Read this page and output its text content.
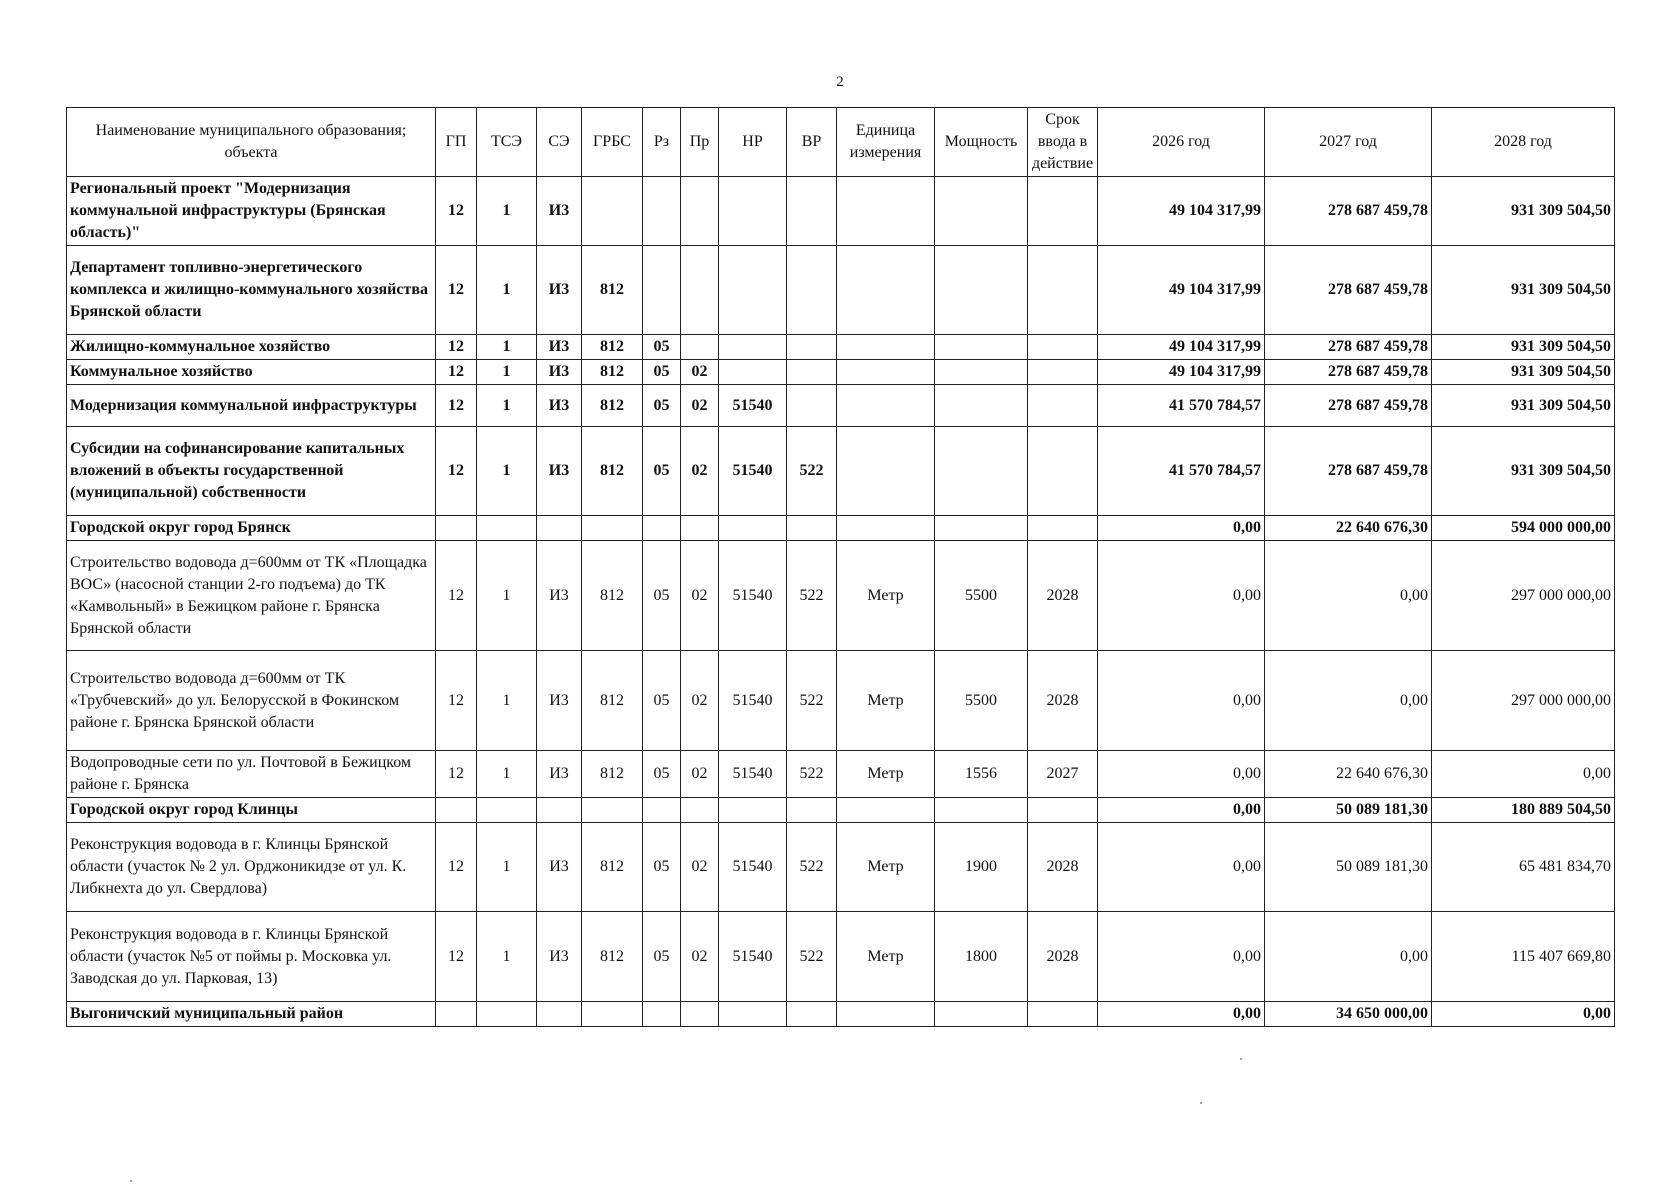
2
Наименование муниципального образования; объекта	ГП	ТСЭ	СЭ	ГРБС	Рз	Пр	НР	ВР	Единица измерения	Мощность	Срок ввода в действие	2026 год	2027 год	2028 год
Региональный проект "Модернизация коммунальной инфраструктуры (Брянская область)"	12	1	И3									49 104 317,99	278 687 459,78	931 309 504,50
Департамент топливно-энергетического комплекса и жилищно-коммунального хозяйства Брянской области	12	1	И3	812								49 104 317,99	278 687 459,78	931 309 504,50
Жилищно-коммунальное хозяйство	12	1	И3	812	05							49 104 317,99	278 687 459,78	931 309 504,50
Коммунальное хозяйство	12	1	И3	812	05	02						49 104 317,99	278 687 459,78	931 309 504,50
Модернизация коммунальной инфраструктуры	12	1	И3	812	05	02	51540					41 570 784,57	278 687 459,78	931 309 504,50
Субсидии на софинансирование капитальных вложений в объекты государственной (муниципальной) собственности	12	1	И3	812	05	02	51540	522				41 570 784,57	278 687 459,78	931 309 504,50
Городской округ город Брянск												0,00	22 640 676,30	594 000 000,00
Строительство водовода д=600мм от ТК «Площадка ВОС» (насосной станции 2-го подъема) до ТК «Камвольный» в Бежицком районе г. Брянска Брянской области	12	1	И3	812	05	02	51540	522	Метр	5500	2028	0,00	0,00	297 000 000,00
Строительство водовода д=600мм от ТК «Трубчевский» до ул. Белорусской в Фокинском районе г. Брянска Брянской области	12	1	И3	812	05	02	51540	522	Метр	5500	2028	0,00	0,00	297 000 000,00
Водопроводные сети по ул. Почтовой в Бежицком районе г. Брянска	12	1	И3	812	05	02	51540	522	Метр	1556	2027	0,00	22 640 676,30	0,00
Городской округ город Клинцы												0,00	50 089 181,30	180 889 504,50
Реконструкция водовода в г. Клинцы Брянской области (участок № 2 ул. Орджоникидзе от ул. К. Либкнехта до ул. Свердлова)	12	1	И3	812	05	02	51540	522	Метр	1900	2028	0,00	50 089 181,30	65 481 834,70
Реконструкция водовода в г. Клинцы Брянской области (участок №5 от поймы р. Московка ул. Заводская до ул. Парковая, 13)	12	1	И3	812	05	02	51540	522	Метр	1800	2028	0,00	0,00	115 407 669,80
Выгоничский муниципальный район												0,00	34 650 000,00	0,00
